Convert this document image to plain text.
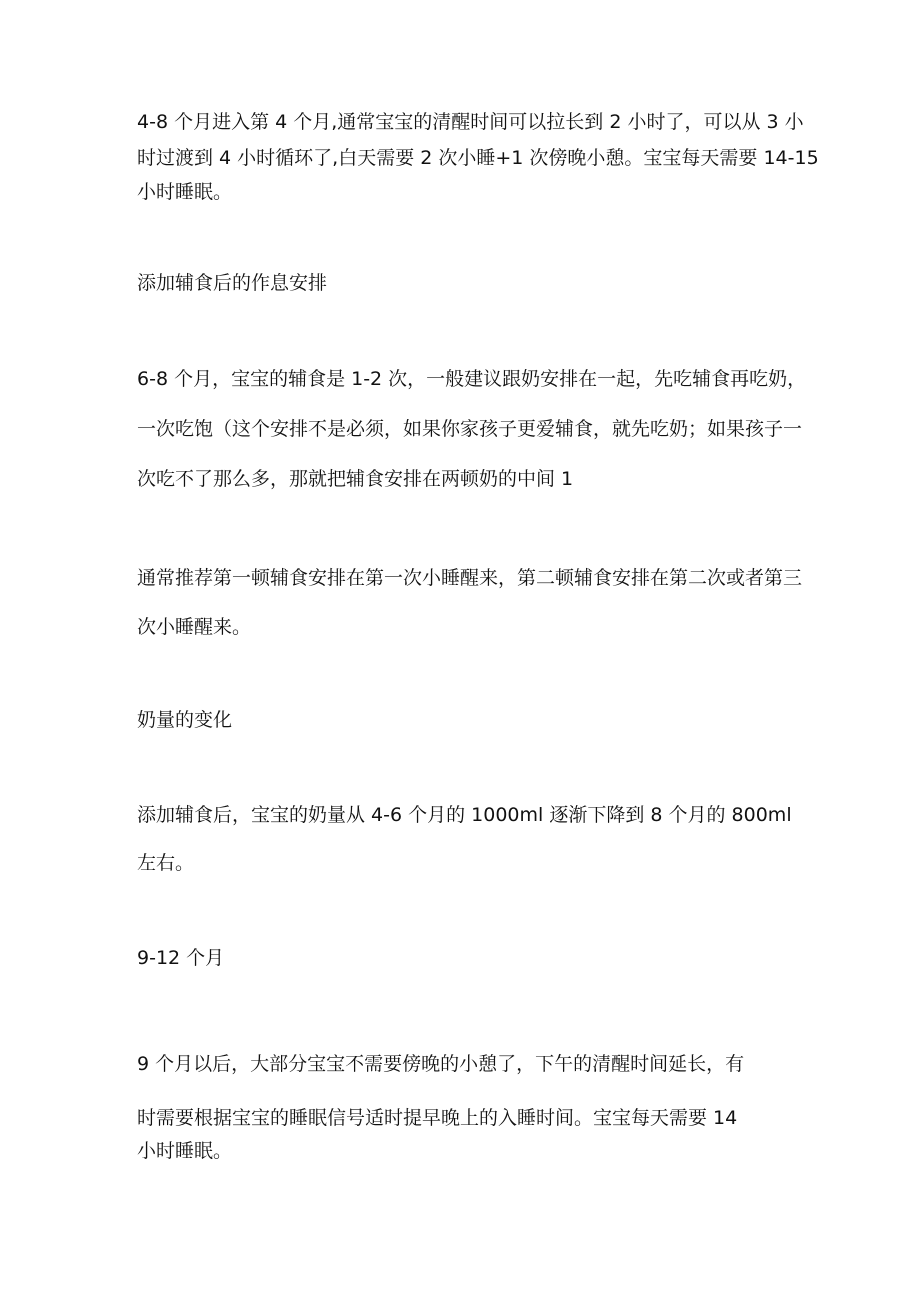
4-8 个月进入第 4 个月,通常宝宝的清醒时间可以拉长到 2 小时了，可以从 3 小

时过渡到 4 小时循环了,白天需要 2 次小睡+1 次傍晚小憩。宝宝每天需要 14-15

小时睡眠。

添加辅食后的作息安排

6-8 个月，宝宝的辅食是 1-2 次，一般建议跟奶安排在一起，先吃辅食再吃奶，

一次吃饱（这个安排不是必须，如果你家孩子更爱辅食，就先吃奶；如果孩子一

次吃不了那么多，那就把辅食安排在两顿奶的中间 1

通常推荐第一顿辅食安排在第一次小睡醒来，第二顿辅食安排在第二次或者第三

次小睡醒来。

奶量的变化

添加辅食后，宝宝的奶量从 4-6 个月的 1000ml 逐渐下降到 8 个月的 800ml

左右。

9-12 个月

9 个月以后，大部分宝宝不需要傍晚的小憩了，下午的清醒时间延长，有

时需要根据宝宝的睡眠信号适时提早晚上的入睡时间。宝宝每天需要 14

小时睡眠。
